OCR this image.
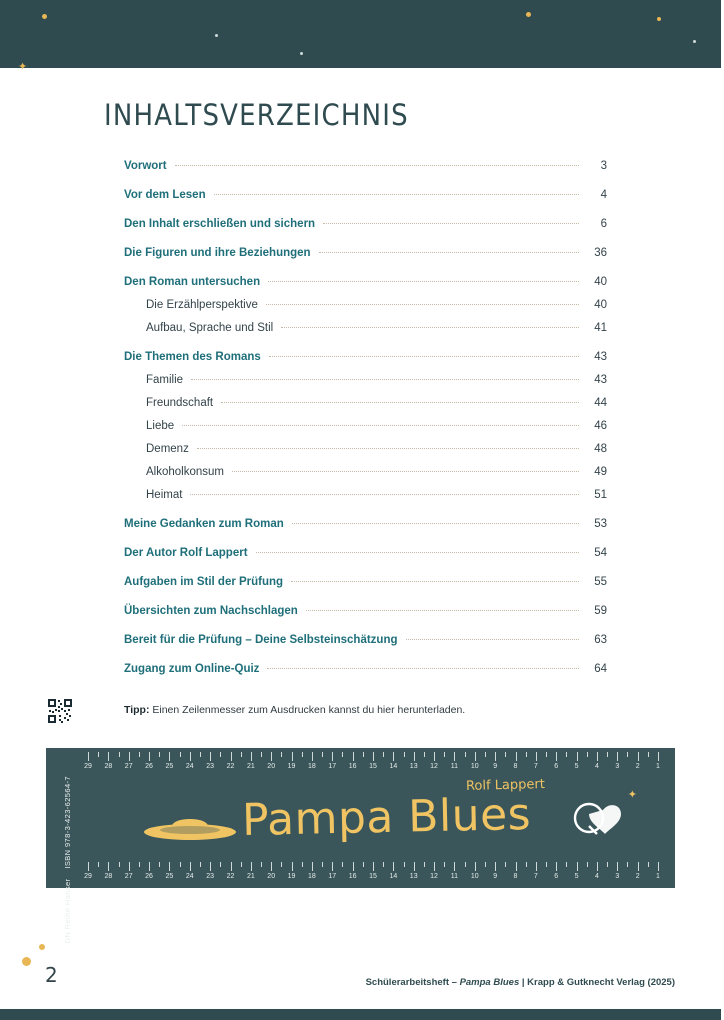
✦
INHALTSVERZEICHNIS
Vorwort	3
Vor dem Lesen	4
Den Inhalt erschließen und sichern	6
Die Figuren und ihre Beziehungen	36
Den Roman untersuchen	40
Die Erzählperspektive	40
Aufbau, Sprache und Stil	41
Die Themen des Romans	43
Familie	43
Freundschaft	44
Liebe	46
Demenz	48
Alkoholkonsum	49
Heimat	51
Meine Gedanken zum Roman	53
Der Autor Rolf Lappert	54
Aufgaben im Stil der Prüfung	55
Übersichten zum Nachschlagen	59
Bereit für die Prüfung – Deine Selbsteinschätzung	63
Zugang zum Online-Quiz	64
Tipp: Einen Zeilenmesser zum Ausdrucken kannst du hier herunterladen.
29 28 27 26 25 24 23 22 21 20 19 18 17 16 15 14 13 12 11 10 9 8 7 6 5 4 3 2 1
29 28 27 26 25 24 23 22 21 20 19 18 17 16 15 14 13 12 11 10 9 8 7 6 5 4 3 2 1
DN Reihe Hanser    ISBN 978-3-423-62564-7	Pampa Blues
Rolf Lappert
✦
2	Schülerarbeitsheft – Pampa Blues | Krapp & Gutknecht Verlag (2025)
